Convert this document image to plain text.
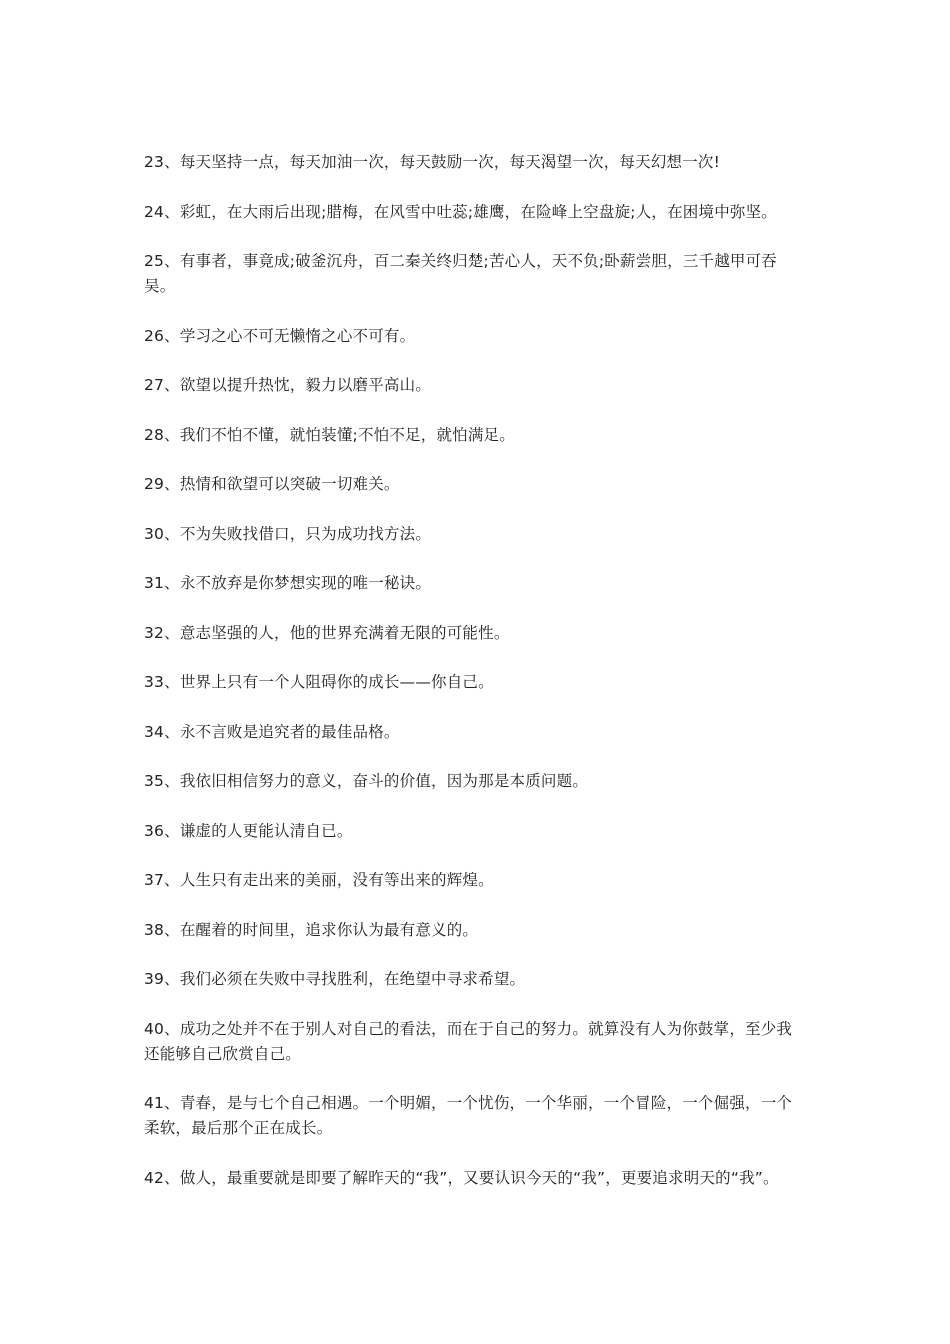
23、每天坚持一点，每天加油一次，每天鼓励一次，每天渴望一次，每天幻想一次!

24、彩虹，在大雨后出现;腊梅，在风雪中吐蕊;雄鹰，在险峰上空盘旋;人，在困境中弥坚。

25、有事者，事竟成;破釜沉舟，百二秦关终归楚;苦心人，天不负;卧薪尝胆，三千越甲可吞吴。

26、学习之心不可无懒惰之心不可有。

27、欲望以提升热忱，毅力以磨平高山。

28、我们不怕不懂，就怕装懂;不怕不足，就怕满足。

29、热情和欲望可以突破一切难关。

30、不为失败找借口，只为成功找方法。

31、永不放弃是你梦想实现的唯一秘诀。

32、意志坚强的人，他的世界充满着无限的可能性。

33、世界上只有一个人阻碍你的成长——你自己。

34、永不言败是追究者的最佳品格。

35、我依旧相信努力的意义，奋斗的价值，因为那是本质问题。

36、谦虚的人更能认清自已。

37、人生只有走出来的美丽，没有等出来的辉煌。

38、在醒着的时间里，追求你认为最有意义的。

39、我们必须在失败中寻找胜利，在绝望中寻求希望。

40、成功之处并不在于别人对自己的看法，而在于自己的努力。就算没有人为你鼓掌，至少我还能够自己欣赏自己。

41、青春，是与七个自己相遇。一个明媚，一个忧伤，一个华丽，一个冒险，一个倔强，一个柔软，最后那个正在成长。

42、做人，最重要就是即要了解昨天的“我”，又要认识今天的“我”，更要追求明天的“我”。
